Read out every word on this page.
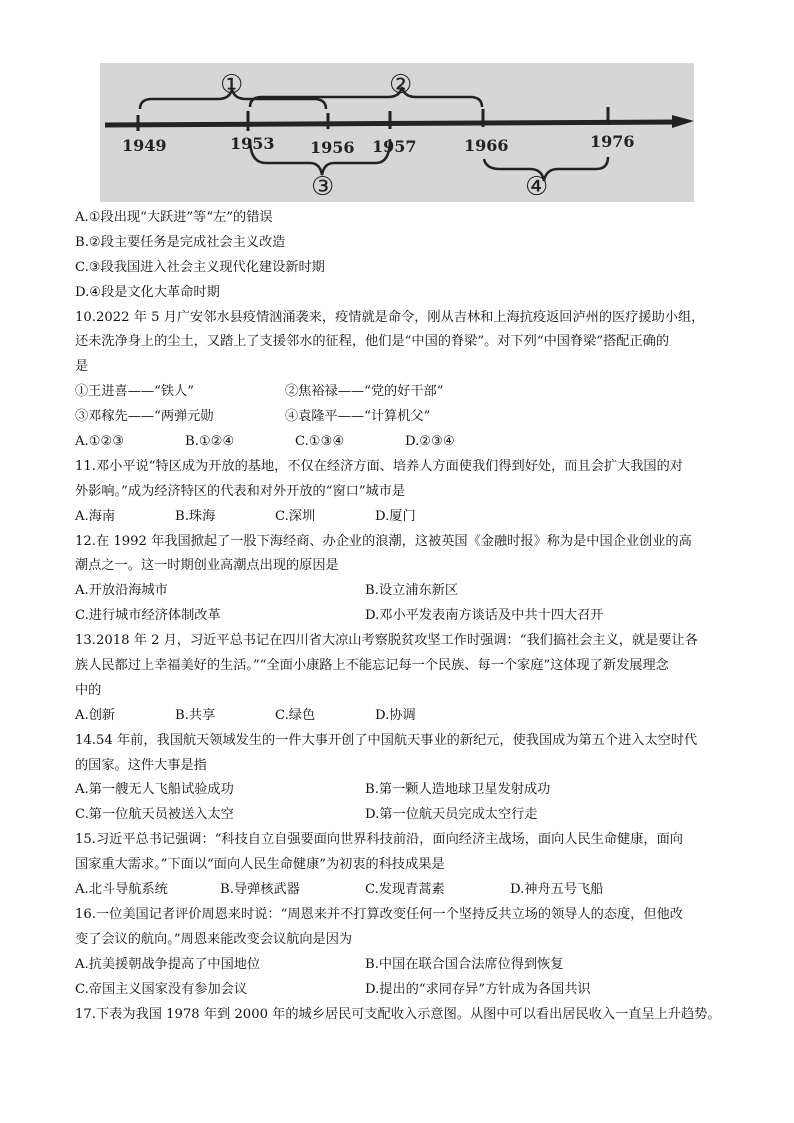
1949	1953 1956 1957	1966	1976
①	②
③	④
A.①段出现“大跃进”等“左”的错误
B.②段主要任务是完成社会主义改造
C.③段我国进入社会主义现代化建设新时期
D.④段是文化大革命时期
10.2022 年 5 月广安邻水县疫情汹涌袭来，疫情就是命令，刚从吉林和上海抗疫返回泸州的医疗援助小组，
还未洗净身上的尘土，又踏上了支援邻水的征程，他们是“中国的脊梁”。对下列“中国脊梁”搭配正确的
是
①王进喜——“铁人”	②焦裕禄——“党的好干部”
③邓稼先——“两弹元勋	④袁隆平——“计算机父”
A.①②③	B.①②④	C.①③④	D.②③④
11.邓小平说“特区成为开放的基地，不仅在经济方面、培养人方面使我们得到好处，而且会扩大我国的对
外影响。”成为经济特区的代表和对外开放的“窗口”城市是
A.海南	B.珠海	C.深圳	D.厦门
12.在 1992 年我国掀起了一股下海经商、办企业的浪潮，这被英国《金融时报》称为是中国企业创业的高
潮点之一。这一时期创业高潮点出现的原因是
A.开放沿海城市	B.设立浦东新区
C.进行城市经济体制改革	D.邓小平发表南方谈话及中共十四大召开
13.2018 年 2 月，习近平总书记在四川省大凉山考察脱贫攻坚工作时强调：“我们搞社会主义，就是要让各
族人民都过上幸福美好的生活。”“全面小康路上不能忘记每一个民族、每一个家庭”这体现了新发展理念
中的
A.创新	B.共享	C.绿色	D.协调
14.54 年前，我国航天领域发生的一件大事开创了中国航天事业的新纪元，使我国成为第五个进入太空时代
的国家。这件大事是指
A.第一艘无人飞船试验成功	B.第一颗人造地球卫星发射成功
C.第一位航天员被送入太空	D.第一位航天员完成太空行走
15.习近平总书记强调：“科技自立自强要面向世界科技前沿，面向经济主战场，面向人民生命健康，面向
国家重大需求。”下面以“面向人民生命健康”为初衷的科技成果是
A.北斗导航系统	B.导弹核武器	C.发现青蒿素	D.神舟五号飞船
16.一位美国记者评价周恩来时说：“周恩来并不打算改变任何一个坚持反共立场的领导人的态度，但他改
变了会议的航向。”周恩来能改变会议航向是因为
A.抗美援朝战争提高了中国地位	B.中国在联合国合法席位得到恢复
C.帝国主义国家没有参加会议	D.提出的“求同存异”方针成为各国共识
17.下表为我国 1978 年到 2000 年的城乡居民可支配收入示意图。从图中可以看出居民收入一直呈上升趋势。
